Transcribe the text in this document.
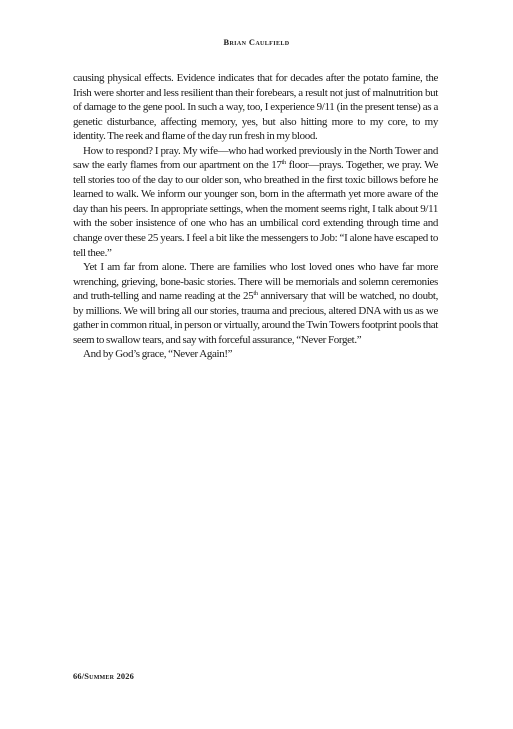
Brian Caulfield

causing physical effects. Evidence indicates that for decades after the potato famine, the Irish were shorter and less resilient than their forebears, a result not just of malnutrition but of damage to the gene pool. In such a way, too, I experience 9/11 (in the present tense) as a genetic disturbance, affecting memory, yes, but also hitting more to my core, to my identity. The reek and flame of the day run fresh in my blood.

How to respond? I pray. My wife—who had worked previously in the North Tower and saw the early flames from our apartment on the 17th floor—prays. Together, we pray. We tell stories too of the day to our older son, who breathed in the first toxic billows before he learned to walk. We inform our younger son, born in the aftermath yet more aware of the day than his peers. In appropriate settings, when the moment seems right, I talk about 9/11 with the sober insistence of one who has an umbilical cord extending through time and change over these 25 years. I feel a bit like the messengers to Job: “I alone have escaped to tell thee.”

Yet I am far from alone. There are families who lost loved ones who have far more wrenching, grieving, bone-basic stories. There will be memorials and solemn ceremonies and truth-telling and name reading at the 25th anniversary that will be watched, no doubt, by millions. We will bring all our stories, trauma and precious, altered DNA with us as we gather in common ritual, in person or virtually, around the Twin Towers footprint pools that seem to swallow tears, and say with forceful assurance, “Never Forget.”

And by God’s grace, “Never Again!”

66/Summer 2026
